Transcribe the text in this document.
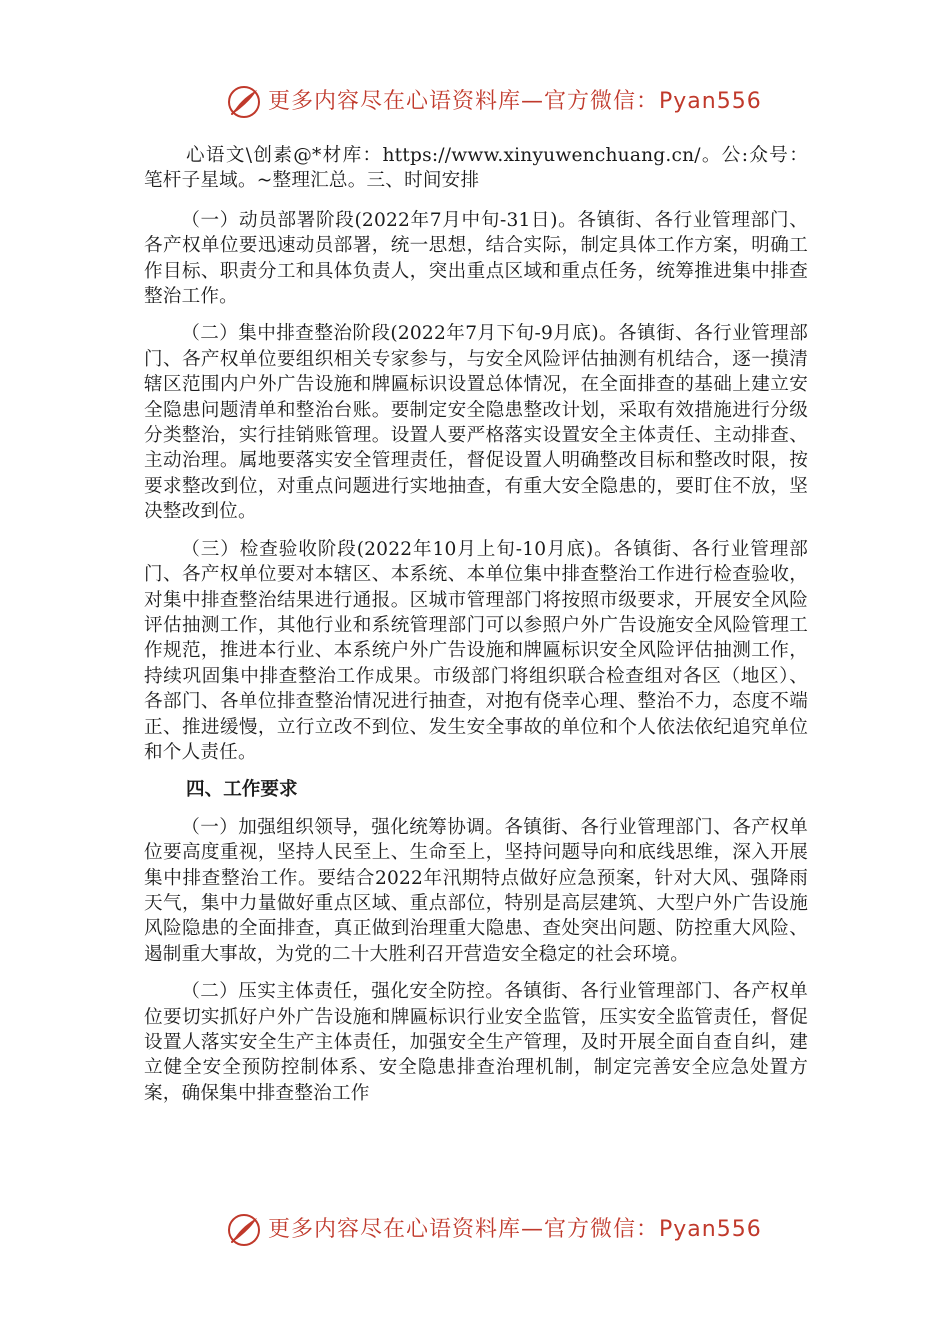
更多内容尽在心语资料库—官方微信：Pyan556

心语文\创素@*材库：https://www.xinyuwenchuang.cn/。公:众号：笔杆子星域。~整理汇总。三、时间安排

（一）动员部署阶段(2022年7月中旬-31日)。各镇街、各行业管理部门、各产权单位要迅速动员部署，统一思想，结合实际，制定具体工作方案，明确工作目标、职责分工和具体负责人，突出重点区域和重点任务，统筹推进集中排查整治工作。

（二）集中排查整治阶段(2022年7月下旬-9月底)。各镇街、各行业管理部门、各产权单位要组织相关专家参与，与安全风险评估抽测有机结合，逐一摸清辖区范围内户外广告设施和牌匾标识设置总体情况，在全面排查的基础上建立安全隐患问题清单和整治台账。要制定安全隐患整改计划，采取有效措施进行分级分类整治，实行挂销账管理。设置人要严格落实设置安全主体责任、主动排查、主动治理。属地要落实安全管理责任，督促设置人明确整改目标和整改时限，按要求整改到位，对重点问题进行实地抽查，有重大安全隐患的，要盯住不放，坚决整改到位。

（三）检查验收阶段(2022年10月上旬-10月底)。各镇街、各行业管理部门、各产权单位要对本辖区、本系统、本单位集中排查整治工作进行检查验收，对集中排查整治结果进行通报。区城市管理部门将按照市级要求，开展安全风险评估抽测工作，其他行业和系统管理部门可以参照户外广告设施安全风险管理工作规范，推进本行业、本系统户外广告设施和牌匾标识安全风险评估抽测工作，持续巩固集中排查整治工作成果。市级部门将组织联合检查组对各区（地区）、各部门、各单位排查整治情况进行抽查，对抱有侥幸心理、整治不力，态度不端正、推进缓慢，立行立改不到位、发生安全事故的单位和个人依法依纪追究单位和个人责任。

四、工作要求

（一）加强组织领导，强化统筹协调。各镇街、各行业管理部门、各产权单位要高度重视，坚持人民至上、生命至上，坚持问题导向和底线思维，深入开展集中排查整治工作。要结合2022年汛期特点做好应急预案，针对大风、强降雨天气，集中力量做好重点区域、重点部位，特别是高层建筑、大型户外广告设施风险隐患的全面排查，真正做到治理重大隐患、查处突出问题、防控重大风险、遏制重大事故，为党的二十大胜利召开营造安全稳定的社会环境。

（二）压实主体责任，强化安全防控。各镇街、各行业管理部门、各产权单位要切实抓好户外广告设施和牌匾标识行业安全监管，压实安全监管责任，督促设置人落实安全生产主体责任，加强安全生产管理，及时开展全面自查自纠，建立健全安全预防控制体系、安全隐患排查治理机制，制定完善安全应急处置方案，确保集中排查整治工作

更多内容尽在心语资料库—官方微信：Pyan556
